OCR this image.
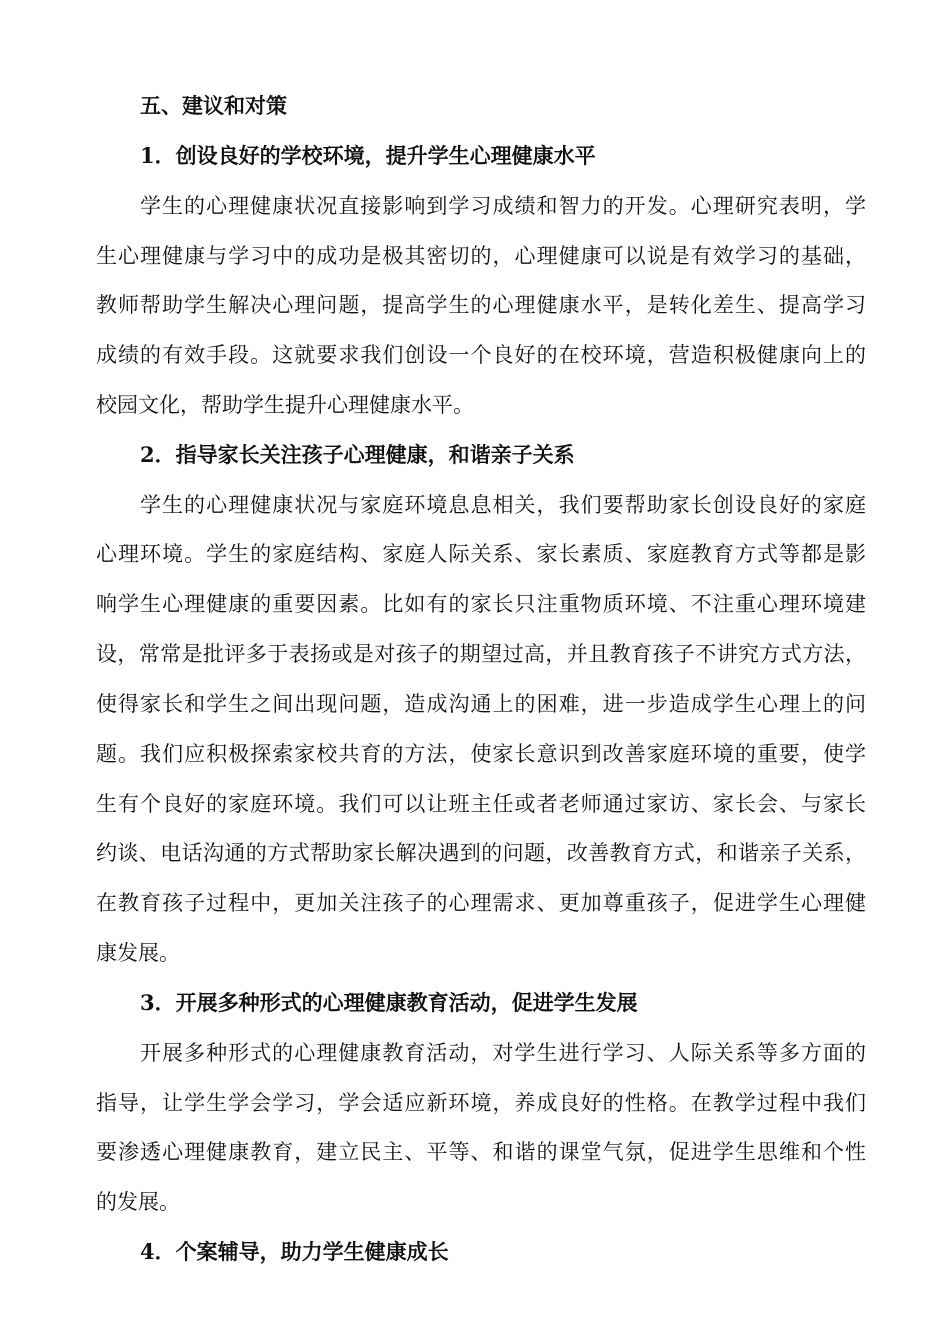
五、建议和对策
1．创设良好的学校环境，提升学生心理健康水平
学生的心理健康状况直接影响到学习成绩和智力的开发。心理研究表明，学
生心理健康与学习中的成功是极其密切的，心理健康可以说是有效学习的基础，
教师帮助学生解决心理问题，提高学生的心理健康水平，是转化差生、提高学习
成绩的有效手段。这就要求我们创设一个良好的在校环境，营造积极健康向上的
校园文化，帮助学生提升心理健康水平。
2．指导家长关注孩子心理健康，和谐亲子关系
学生的心理健康状况与家庭环境息息相关，我们要帮助家长创设良好的家庭
心理环境。学生的家庭结构、家庭人际关系、家长素质、家庭教育方式等都是影
响学生心理健康的重要因素。比如有的家长只注重物质环境、不注重心理环境建
设，常常是批评多于表扬或是对孩子的期望过高，并且教育孩子不讲究方式方法，
使得家长和学生之间出现问题，造成沟通上的困难，进一步造成学生心理上的问
题。我们应积极探索家校共育的方法，使家长意识到改善家庭环境的重要，使学
生有个良好的家庭环境。我们可以让班主任或者老师通过家访、家长会、与家长
约谈、电话沟通的方式帮助家长解决遇到的问题，改善教育方式，和谐亲子关系，
在教育孩子过程中，更加关注孩子的心理需求、更加尊重孩子，促进学生心理健
康发展。
3．开展多种形式的心理健康教育活动，促进学生发展
开展多种形式的心理健康教育活动，对学生进行学习、人际关系等多方面的
指导，让学生学会学习，学会适应新环境，养成良好的性格。在教学过程中我们
要渗透心理健康教育，建立民主、平等、和谐的课堂气氛，促进学生思维和个性
的发展。
4．个案辅导，助力学生健康成长
